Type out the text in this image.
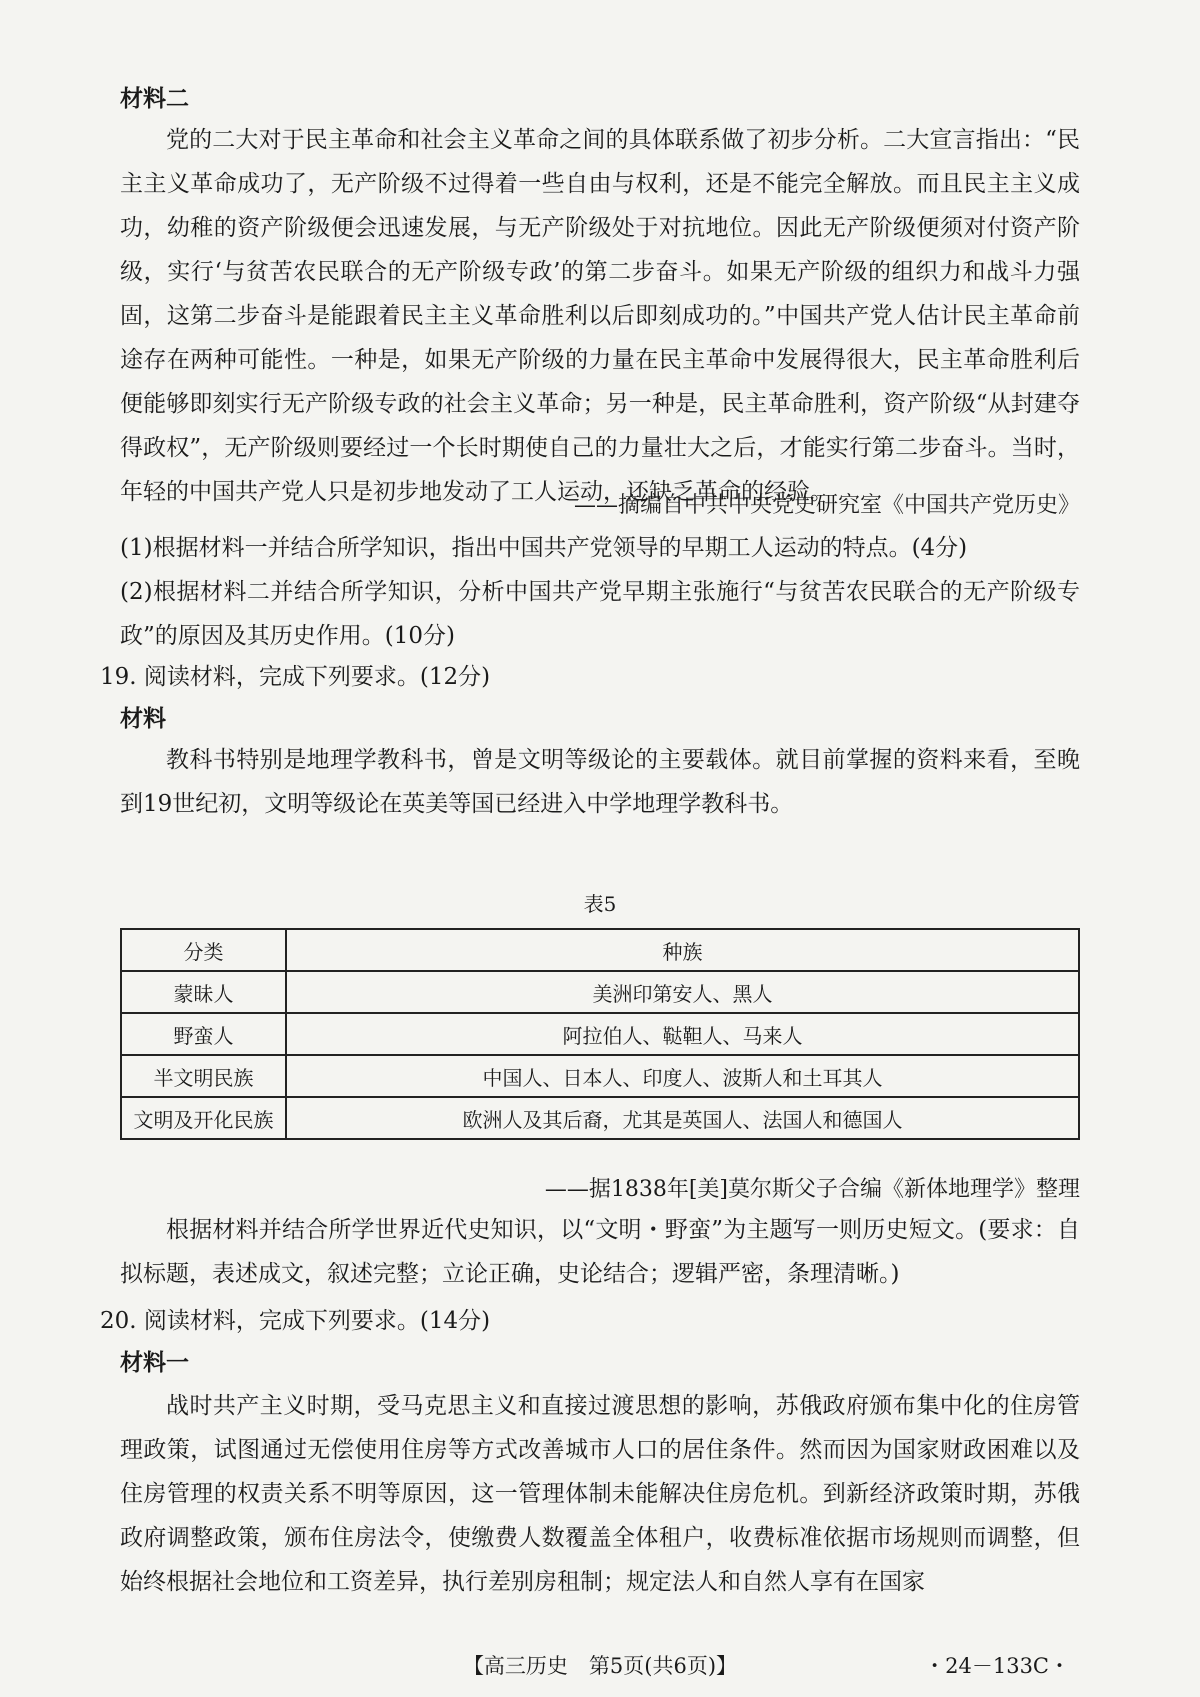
材料二

党的二大对于民主革命和社会主义革命之间的具体联系做了初步分析。二大宣言指出：“民主主义革命成功了，无产阶级不过得着一些自由与权利，还是不能完全解放。而且民主主义成功，幼稚的资产阶级便会迅速发展，与无产阶级处于对抗地位。因此无产阶级便须对付资产阶级，实行‘与贫苦农民联合的无产阶级专政’的第二步奋斗。如果无产阶级的组织力和战斗力强固，这第二步奋斗是能跟着民主主义革命胜利以后即刻成功的。”中国共产党人估计民主革命前途存在两种可能性。一种是，如果无产阶级的力量在民主革命中发展得很大，民主革命胜利后便能够即刻实行无产阶级专政的社会主义革命；另一种是，民主革命胜利，资产阶级“从封建夺得政权”，无产阶级则要经过一个长时期使自己的力量壮大之后，才能实行第二步奋斗。当时，年轻的中国共产党人只是初步地发动了工人运动，还缺乏革命的经验。

——摘编自中共中央党史研究室《中国共产党历史》

(1)根据材料一并结合所学知识，指出中国共产党领导的早期工人运动的特点。(4分)

(2)根据材料二并结合所学知识，分析中国共产党早期主张施行“与贫苦农民联合的无产阶级专政”的原因及其历史作用。(10分)

19. 阅读材料，完成下列要求。(12分)

材料

教科书特别是地理学教科书，曾是文明等级论的主要载体。就目前掌握的资料来看，至晚到19世纪初，文明等级论在英美等国已经进入中学地理学教科书。

表5

分类	种族
蒙昧人	美洲印第安人、黑人
野蛮人	阿拉伯人、鞑靼人、马来人
半文明民族	中国人、日本人、印度人、波斯人和土耳其人
文明及开化民族	欧洲人及其后裔，尤其是英国人、法国人和德国人

——据1838年[美]莫尔斯父子合编《新体地理学》整理

根据材料并结合所学世界近代史知识，以“文明・野蛮”为主题写一则历史短文。(要求：自拟标题，表述成文，叙述完整；立论正确，史论结合；逻辑严密，条理清晰。)

20. 阅读材料，完成下列要求。(14分)

材料一

战时共产主义时期，受马克思主义和直接过渡思想的影响，苏俄政府颁布集中化的住房管理政策，试图通过无偿使用住房等方式改善城市人口的居住条件。然而因为国家财政困难以及住房管理的权责关系不明等原因，这一管理体制未能解决住房危机。到新经济政策时期，苏俄政府调整政策，颁布住房法令，使缴费人数覆盖全体租户，收费标准依据市场规则而调整，但始终根据社会地位和工资差异，执行差别房租制；规定法人和自然人享有在国家

【高三历史　第5页(共6页)】	・24－133C・
